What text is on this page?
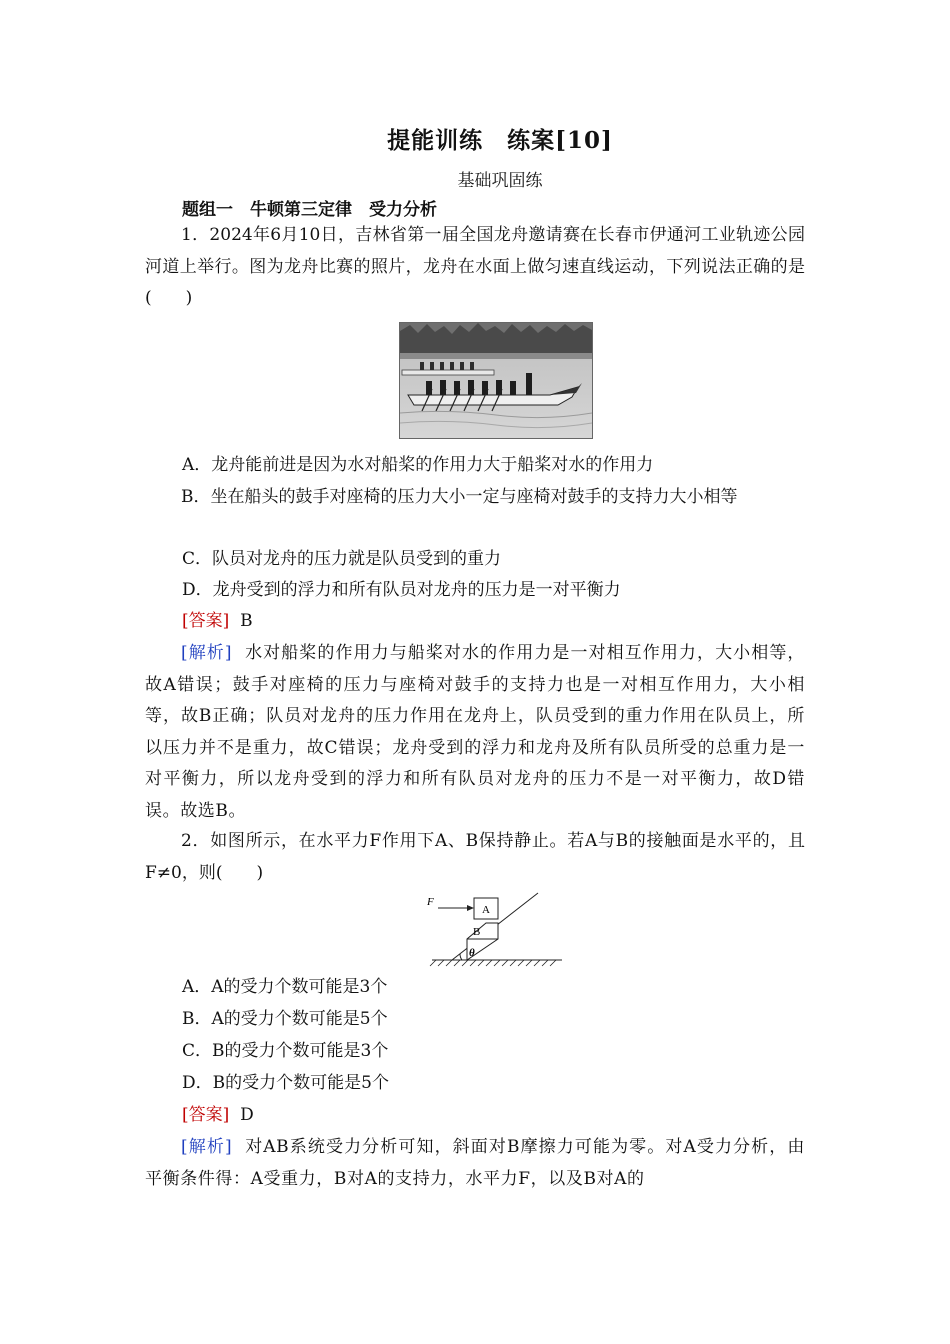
提能训练　练案[10]
基础巩固练
题组一　牛顿第三定律　受力分析

1．2024年6月10日，吉林省第一届全国龙舟邀请赛在长春市伊通河工业轨迹公园河道上举行。图为龙舟比赛的照片，龙舟在水面上做匀速直线运动，下列说法正确的是(　　)

A．龙舟能前进是因为水对船桨的作用力大于船桨对水的作用力

B．坐在船头的鼓手对座椅的压力大小一定与座椅对鼓手的支持力大小相等

C．队员对龙舟的压力就是队员受到的重力

D．龙舟受到的浮力和所有队员对龙舟的压力是一对平衡力

[答案] B

[解析] 水对船桨的作用力与船桨对水的作用力是一对相互作用力，大小相等，故A错误；鼓手对座椅的压力与座椅对鼓手的支持力也是一对相互作用力，大小相等，故B正确；队员对龙舟的压力作用在龙舟上，队员受到的重力作用在队员上，所以压力并不是重力，故C错误；龙舟受到的浮力和龙舟及所有队员所受的总重力是一对平衡力，所以龙舟受到的浮力和所有队员对龙舟的压力不是一对平衡力，故D错误。故选B。

2．如图所示，在水平力F作用下A、B保持静止。若A与B的接触面是水平的，且F≠0，则(　　)

F
A
B
θ

A．A的受力个数可能是3个

B．A的受力个数可能是5个

C．B的受力个数可能是3个

D．B的受力个数可能是5个

[答案] D

[解析] 对AB系统受力分析可知，斜面对B摩擦力可能为零。对A受力分析，由平衡条件得：A受重力，B对A的支持力，水平力F，以及B对A的
